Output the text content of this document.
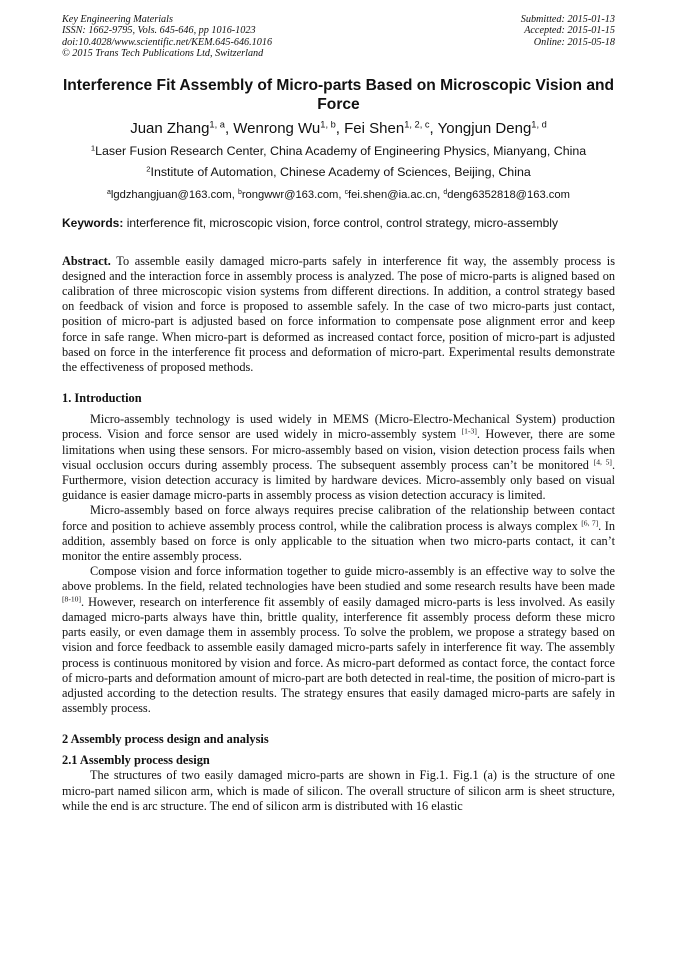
Key Engineering Materials
ISSN: 1662-9795, Vols. 645-646, pp 1016-1023
doi:10.4028/www.scientific.net/KEM.645-646.1016
© 2015 Trans Tech Publications Ltd, Switzerland
Submitted: 2015-01-13
Accepted: 2015-01-15
Online: 2015-05-18
Interference Fit Assembly of Micro-parts Based on Microscopic Vision and Force
Juan Zhang$^{1, a}$, Wenrong Wu$^{1, b}$, Fei Shen$^{1, 2, c}$, Yongjun Deng$^{1, d}$
$^1$Laser Fusion Research Center, China Academy of Engineering Physics, Mianyang, China
$^2$Institute of Automation, Chinese Academy of Sciences, Beijing, China
$^a$lgdzhangjuan@163.com, $^b$rongwwr@163.com, $^c$fei.shen@ia.ac.cn, $^d$deng6352818@163.com
Keywords: interference fit, microscopic vision, force control, control strategy, micro-assembly
Abstract. To assemble easily damaged micro-parts safely in interference fit way, the assembly process is designed and the interaction force in assembly process is analyzed. The pose of micro-parts is aligned based on calibration of three microscopic vision systems from different directions. In addition, a control strategy based on feedback of vision and force is proposed to assemble safely. In the case of two micro-parts just contact, position of micro-part is adjusted based on force information to compensate pose alignment error and keep force in safe range. When micro-part is deformed as increased contact force, position of micro-part is adjusted based on force in the interference fit process and deformation of micro-part. Experimental results demonstrate the effectiveness of proposed methods.
1. Introduction

Micro-assembly technology is used widely in MEMS (Micro-Electro-Mechanical System) production process. Vision and force sensor are used widely in micro-assembly system [1-3]. However, there are some limitations when using these sensors. For micro-assembly based on vision, vision detection process fails when visual occlusion occurs during assembly process. The subsequent assembly process can’t be monitored [4, 5]. Furthermore, vision detection accuracy is limited by hardware devices. Micro-assembly only based on visual guidance is easier damage micro-parts in assembly process as vision detection accuracy is limited.

Micro-assembly based on force always requires precise calibration of the relationship between contact force and position to achieve assembly process control, while the calibration process is always complex [6, 7]. In addition, assembly based on force is only applicable to the situation when two micro-parts contact, it can’t monitor the entire assembly process.

Compose vision and force information together to guide micro-assembly is an effective way to solve the above problems. In the field, related technologies have been studied and some research results have been made [8-10]. However, research on interference fit assembly of easily damaged micro-parts is less involved. As easily damaged micro-parts always have thin, brittle quality, interference fit assembly process deform these micro parts easily, or even damage them in assembly process. To solve the problem, we propose a strategy based on vision and force feedback to assemble easily damaged micro-parts safely in interference fit way. The assembly process is continuous monitored by vision and force. As micro-part deformed as contact force, the contact force of micro-parts and deformation amount of micro-part are both detected in real-time, the position of micro-part is adjusted according to the detection results. The strategy ensures that easily damaged micro-parts are safely in assembly process.

2 Assembly process design and analysis
2.1 Assembly process design

The structures of two easily damaged micro-parts are shown in Fig.1. Fig.1 (a) is the structure of one micro-part named silicon arm, which is made of silicon. The overall structure of silicon arm is sheet structure, while the end is arc structure. The end of silicon arm is distributed with 16 elastic
